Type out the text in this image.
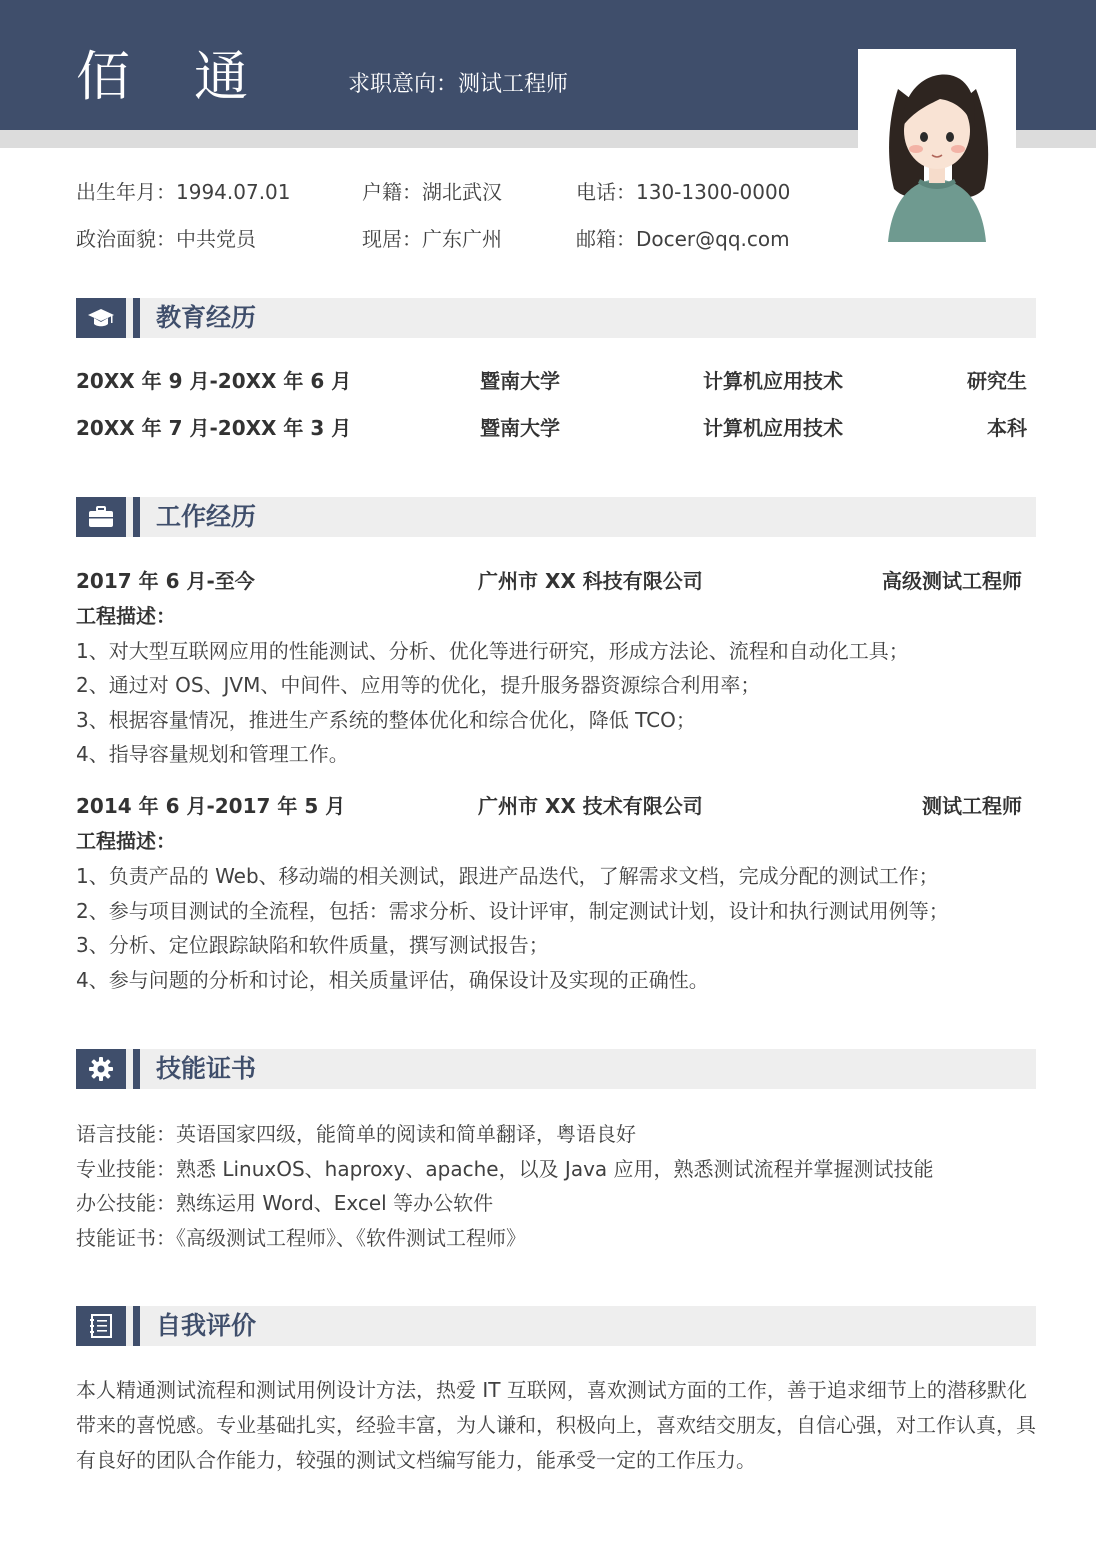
佰通 求职意向：测试工程师
出生年月：1994.07.01	户籍：湖北武汉	电话：130-1300-0000
政治面貌：中共党员	现居：广东广州	邮箱：Docer@qq.com
教育经历
20XX 年 9 月-20XX 年 6 月	暨南大学	计算机应用技术	研究生
20XX 年 7 月-20XX 年 3 月	暨南大学	计算机应用技术	本科
工作经历
2017 年 6 月-至今	广州市 XX 科技有限公司	高级测试工程师
工程描述：
1、对大型互联网应用的性能测试、分析、优化等进行研究，形成方法论、流程和自动化工具；
2、通过对 OS、JVM、中间件、应用等的优化，提升服务器资源综合利用率；
3、根据容量情况，推进生产系统的整体优化和综合优化，降低 TCO；
4、指导容量规划和管理工作。
2014 年 6 月-2017 年 5 月	广州市 XX 技术有限公司	测试工程师
工程描述：
1、负责产品的 Web、移动端的相关测试，跟进产品迭代，了解需求文档，完成分配的测试工作；
2、参与项目测试的全流程，包括：需求分析、设计评审，制定测试计划，设计和执行测试用例等；
3、分析、定位跟踪缺陷和软件质量，撰写测试报告；
4、参与问题的分析和讨论，相关质量评估，确保设计及实现的正确性。
技能证书
语言技能：英语国家四级，能简单的阅读和简单翻译，粤语良好
专业技能：熟悉 LinuxOS、haproxy、apache，以及 Java 应用，熟悉测试流程并掌握测试技能
办公技能：熟练运用 Word、Excel 等办公软件
技能证书：《高级测试工程师》、《软件测试工程师》
自我评价
本人精通测试流程和测试用例设计方法，热爱 IT 互联网，喜欢测试方面的工作，善于追求细节上的潜移默化带来的喜悦感。专业基础扎实，经验丰富，为人谦和，积极向上，喜欢结交朋友，自信心强，对工作认真，具有良好的团队合作能力，较强的测试文档编写能力，能承受一定的工作压力。
